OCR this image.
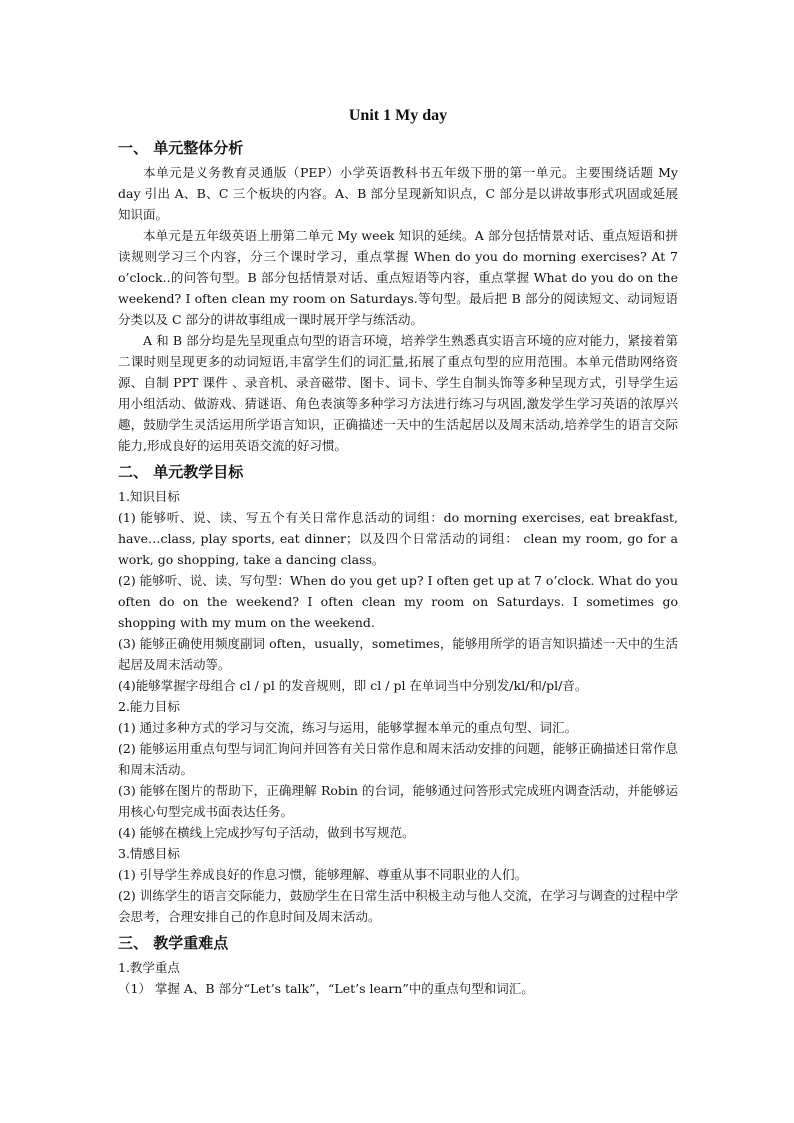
Unit 1 My day
一、 单元整体分析

本单元是义务教育灵通版（PEP）小学英语教科书五年级下册的第一单元。主要围绕话题 My day 引出 A、B、C 三个板块的内容。A、B 部分呈现新知识点，C 部分是以讲故事形式巩固或延展知识面。

本单元是五年级英语上册第二单元 My week 知识的延续。A 部分包括情景对话、重点短语和拼读规则学习三个内容，分三个课时学习，重点掌握 When do you do morning exercises? At 7 o’clock..的问答句型。B 部分包括情景对话、重点短语等内容，重点掌握 What do you do on the weekend? I often clean my room on Saturdays.等句型。最后把 B 部分的阅读短文、动词短语分类以及 C 部分的讲故事组成一课时展开学与练活动。

A 和 B 部分均是先呈现重点句型的语言环境，培养学生熟悉真实语言环境的应对能力，紧接着第二课时则呈现更多的动词短语,丰富学生们的词汇量,拓展了重点句型的应用范围。本单元借助网络资源、自制 PPT 课件 、录音机、录音磁带、图卡、词卡、学生自制头饰等多种呈现方式，引导学生运用小组活动、做游戏、猜谜语、角色表演等多种学习方法进行练习与巩固,激发学生学习英语的浓厚兴趣，鼓励学生灵活运用所学语言知识，正确描述一天中的生活起居以及周末活动,培养学生的语言交际能力,形成良好的运用英语交流的好习惯。

二、 单元教学目标

1.知识目标

(1) 能够听、说、读、写五个有关日常作息活动的词组：do morning exercises, eat breakfast, have…class, play sports, eat dinner；以及四个日常活动的词组： clean my room, go for a work, go shopping, take a dancing class。

(2) 能够听、说、读、写句型：When do you get up? I often get up at 7 o’clock. What do you often do on the weekend? I often clean my room on Saturdays. I sometimes go shopping with my mum on the weekend.

(3) 能够正确使用频度副词 often，usually，sometimes，能够用所学的语言知识描述一天中的生活起居及周末活动等。

(4)能够掌握字母组合 cl / pl 的发音规则，即 cl / pl 在单词当中分别发/kl/和/pl/音。

2.能力目标

(1) 通过多种方式的学习与交流，练习与运用，能够掌握本单元的重点句型、词汇。

(2) 能够运用重点句型与词汇询问并回答有关日常作息和周末活动安排的问题，能够正确描述日常作息和周末活动。

(3) 能够在图片的帮助下，正确理解 Robin 的台词，能够通过问答形式完成班内调查活动，并能够运用核心句型完成书面表达任务。

(4) 能够在横线上完成抄写句子活动，做到书写规范。

3.情感目标

(1) 引导学生养成良好的作息习惯，能够理解、尊重从事不同职业的人们。

(2) 训练学生的语言交际能力，鼓励学生在日常生活中积极主动与他人交流，在学习与调查的过程中学会思考，合理安排自己的作息时间及周末活动。

三、 教学重难点

1.教学重点

（1） 掌握 A、B 部分“Let’s talk”，“Let’s learn”中的重点句型和词汇。
